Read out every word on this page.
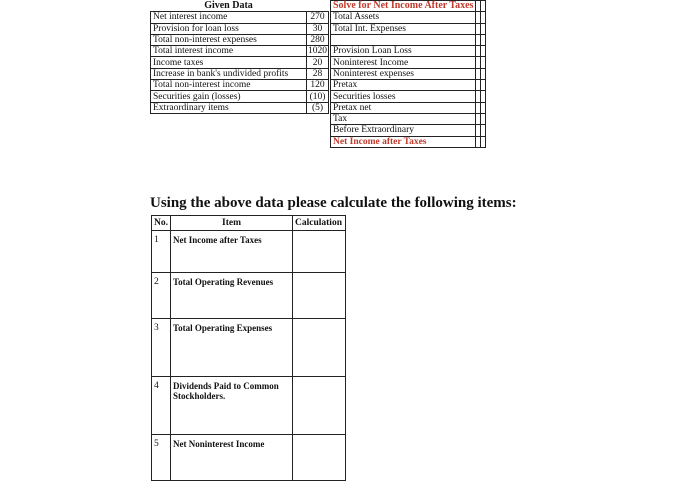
Given Data			Solve for Net Income After Taxes		
Net interest income	270		Total Assets		
Provision for loan loss	30		Total Int. Expenses		
Total non-interest expenses	280				
Total interest income	1020		Provision Loan Loss		
Income taxes	20		Noninterest Income		
Increase in bank's undivided profits	28		Noninterest expenses		
Total non-interest income	120		Pretax		
Securities gain (losses)	(10)		Securities losses		
Extraordinary items	(5)		Pretax net		
			Tax		
			Before Extraordinary		
			Net Income after Taxes		
Using the above data please calculate the following items:
No.	Item	Calculation

1	Net Income after Taxes	

2	Total Operating Revenues	

3	Total Operating Expenses	

4	Dividends Paid to Common Stockholders.	

5	Net Noninterest Income	
